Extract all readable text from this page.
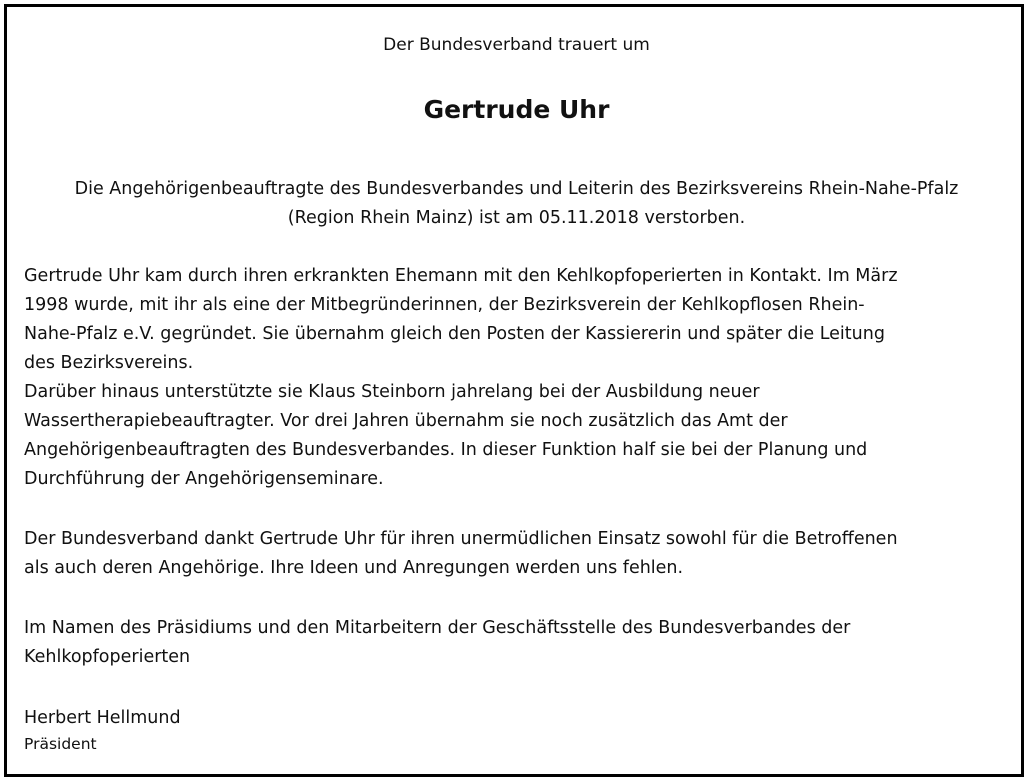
Der Bundesverband trauert um
Gertrude Uhr
Die Angehörigenbeauftragte des Bundesverbandes und Leiterin des Bezirksvereins Rhein-Nahe-Pfalz
(Region Rhein Mainz) ist am 05.11.2018 verstorben.
Gertrude Uhr kam durch ihren erkrankten Ehemann mit den Kehlkopfoperierten in Kontakt. Im März
1998 wurde, mit ihr als eine der Mitbegründerinnen, der Bezirksverein der Kehlkopflosen Rhein-
Nahe-Pfalz e.V. gegründet. Sie übernahm gleich den Posten der Kassiererin und später die Leitung
des Bezirksvereins.
Darüber hinaus unterstützte sie Klaus Steinborn jahrelang bei der Ausbildung neuer
Wassertherapiebeauftragter. Vor drei Jahren übernahm sie noch zusätzlich das Amt der
Angehörigenbeauftragten des Bundesverbandes. In dieser Funktion half sie bei der Planung und
Durchführung der Angehörigenseminare.
Der Bundesverband dankt Gertrude Uhr für ihren unermüdlichen Einsatz sowohl für die Betroffenen
als auch deren Angehörige. Ihre Ideen und Anregungen werden uns fehlen.
Im Namen des Präsidiums und den Mitarbeitern der Geschäftsstelle des Bundesverbandes der
Kehlkopfoperierten
Herbert Hellmund
Präsident
